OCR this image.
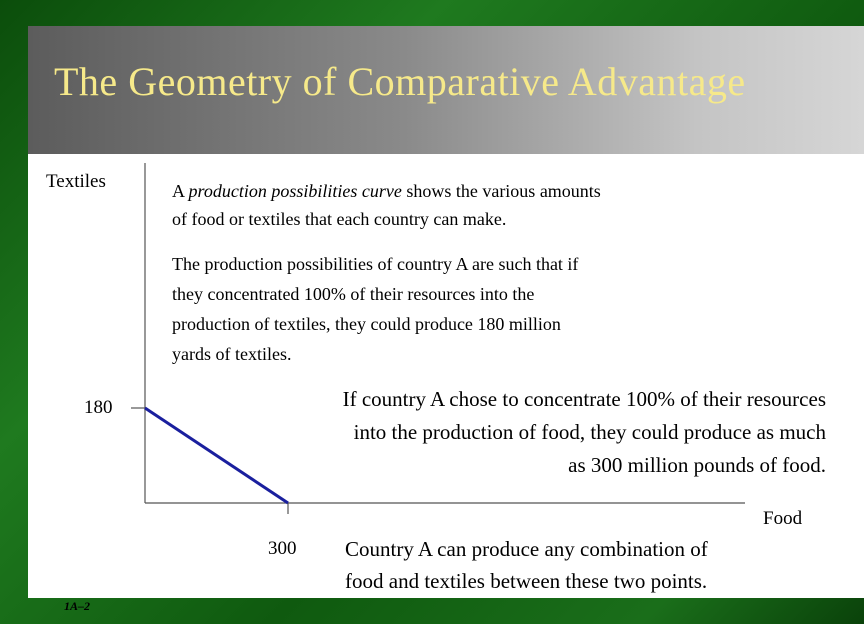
The Geometry of Comparative Advantage
Textiles
Food
180
300
A production possibilities curve shows the various amounts
of food or textiles that each country can make.
The production possibilities of country A are such that if
they concentrated 100% of their resources into the
production of textiles, they could produce 180 million
yards of textiles.
If country A chose to concentrate 100% of their resources
into the production of food, they could produce as much
as 300 million pounds of food.
Country A can produce any combination of
food and textiles between these two points.
1A–2
